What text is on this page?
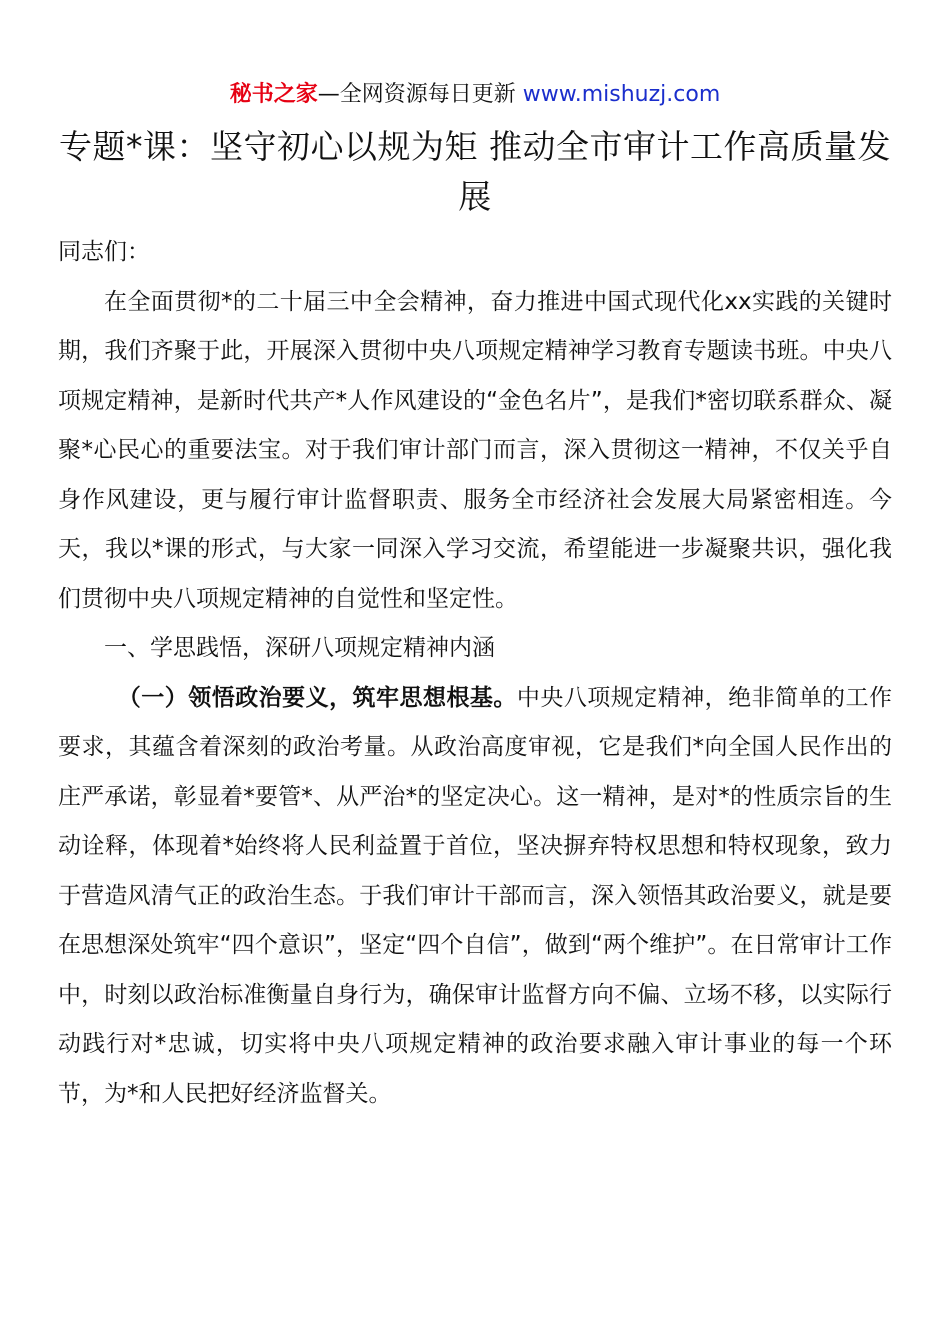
秘书之家—全网资源每日更新 www.mishuzj.com
专题*课：坚守初心以规为矩 推动全市审计工作高质量发展

同志们：

在全面贯彻*的二十届三中全会精神，奋力推进中国式现代化xx实践的关键时期，我们齐聚于此，开展深入贯彻中央八项规定精神学习教育专题读书班。中央八项规定精神，是新时代共产*人作风建设的“金色名片”，是我们*密切联系群众、凝聚*心民心的重要法宝。对于我们审计部门而言，深入贯彻这一精神，不仅关乎自身作风建设，更与履行审计监督职责、服务全市经济社会发展大局紧密相连。今天，我以*课的形式，与大家一同深入学习交流，希望能进一步凝聚共识，强化我们贯彻中央八项规定精神的自觉性和坚定性。

一、学思践悟，深研八项规定精神内涵

（一）领悟政治要义，筑牢思想根基。中央八项规定精神，绝非简单的工作要求，其蕴含着深刻的政治考量。从政治高度审视，它是我们*向全国人民作出的庄严承诺，彰显着*要管*、从严治*的坚定决心。这一精神，是对*的性质宗旨的生动诠释，体现着*始终将人民利益置于首位，坚决摒弃特权思想和特权现象，致力于营造风清气正的政治生态。于我们审计干部而言，深入领悟其政治要义，就是要在思想深处筑牢“四个意识”，坚定“四个自信”，做到“两个维护”。在日常审计工作中，时刻以政治标准衡量自身行为，确保审计监督方向不偏、立场不移，以实际行动践行对*忠诚，切实将中央八项规定精神的政治要求融入审计事业的每一个环节，为*和人民把好经济监督关。
